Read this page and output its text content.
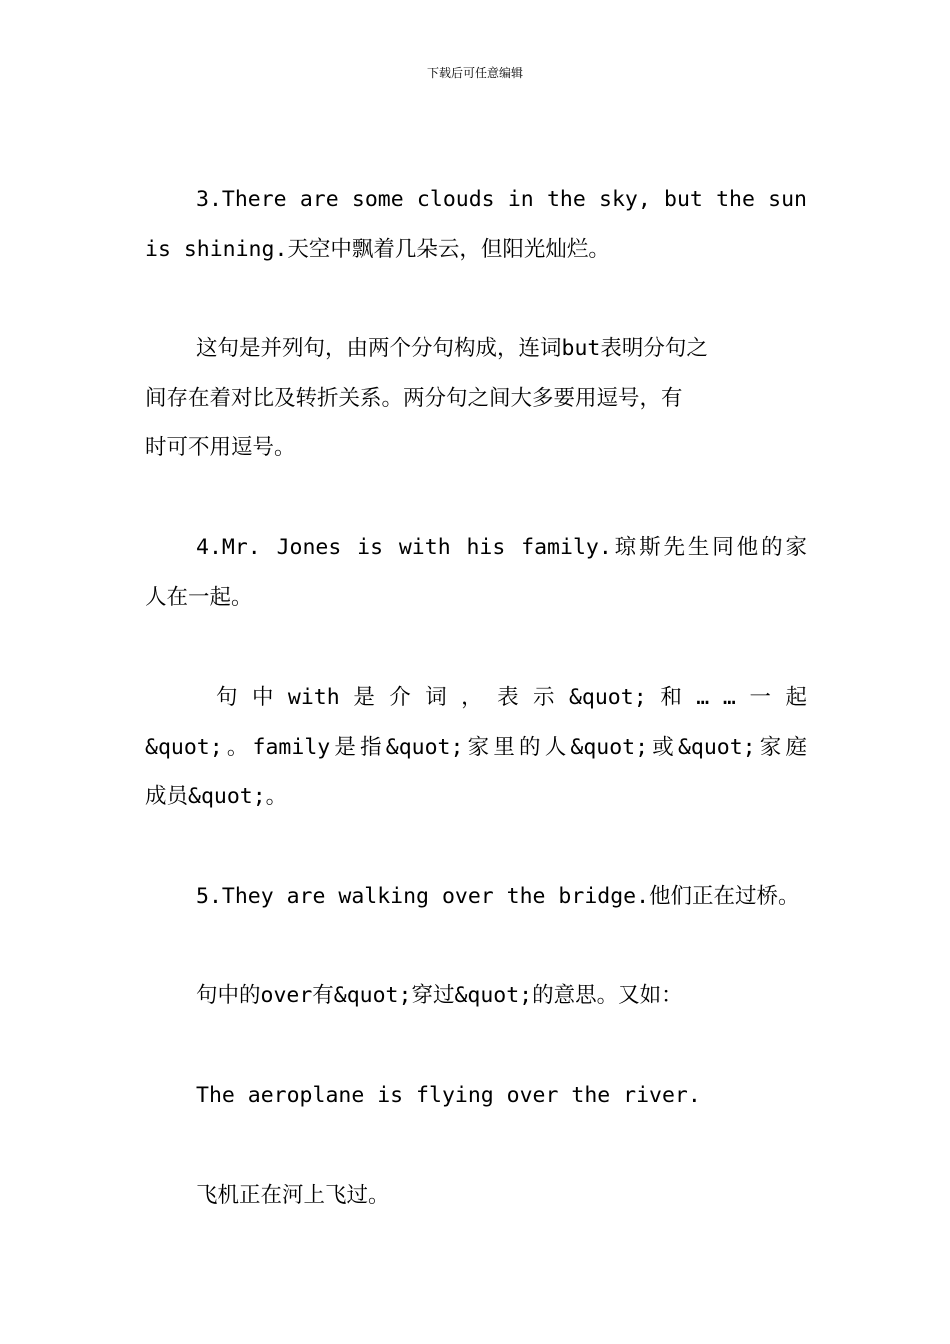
下载后可任意编辑
3.There are some clouds in the sky, but the sun
is shining.天空中飘着几朵云，但阳光灿烂。
这句是并列句，由两个分句构成，连词but表明分句之
间存在着对比及转折关系。两分句之间大多要用逗号，有
时可不用逗号。
4.Mr. Jones is with his family.琼斯先生同他的家
人在一起。
句 中 with 是 介 词 ， 表 示 &quot; 和 … … 一 起
&quot;。family是指&quot;家里的人&quot;或&quot;家庭
成员&quot;。
5.They are walking over the bridge.他们正在过桥。
句中的over有&quot;穿过&quot;的意思。又如：
The aeroplane is flying over the river.
飞机正在河上飞过。
